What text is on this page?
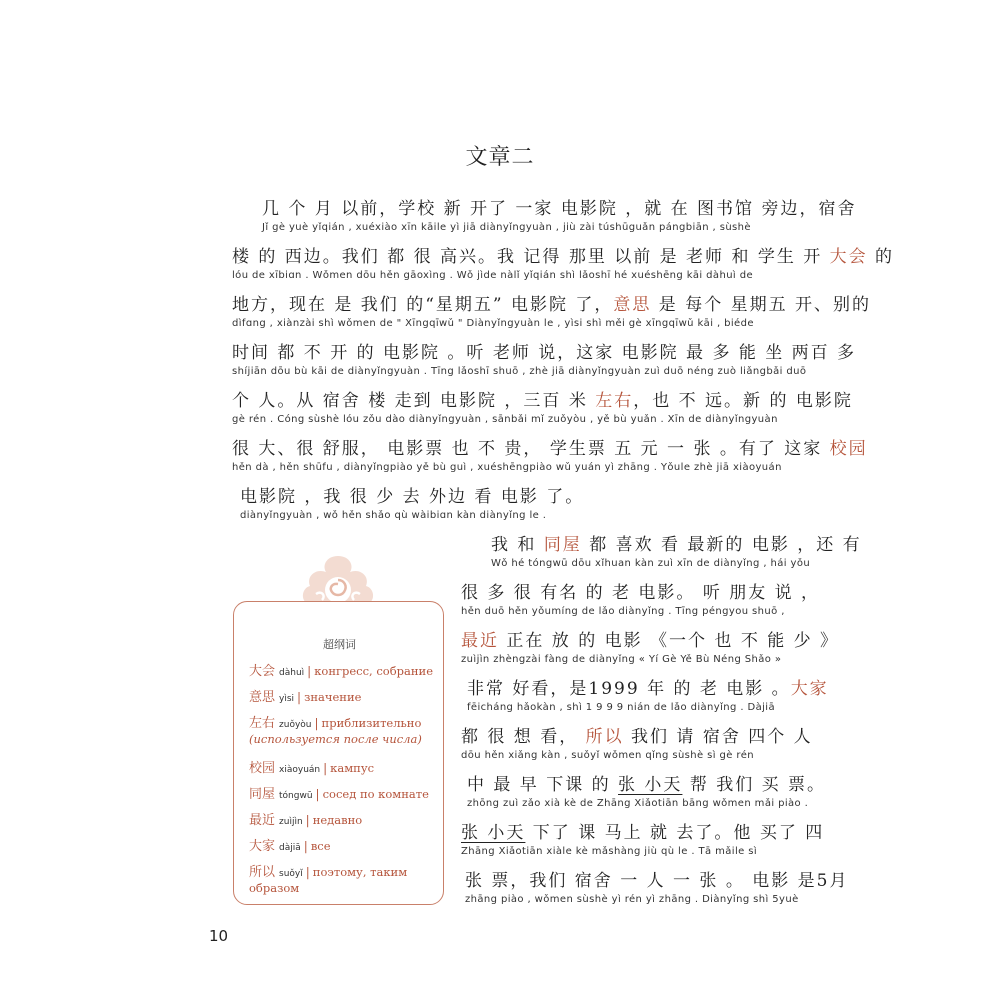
文章二
几 个 月 以前，学校 新 开了 一家 电影院 ，就 在 图书馆 旁边，宿舍
Jǐ gè yuè yǐqián , xuéxiào xīn kāile yì jiā diànyǐngyuàn , jiù zài túshūguǎn pángbiān , sùshè
楼 的 西边。我们 都 很 高兴。我 记得 那里 以前 是 老师 和 学生 开 大会 的
lóu de xībiɑn . Wǒmen dōu hěn gāoxìng . Wǒ jìde nàlǐ yǐqián shì lǎoshī hé xuéshēng kāi dàhuì de
地方，现在 是 我们 的“星期五” 电影院 了，意思 是 每个 星期五 开、别的
dìfɑng , xiànzài shì wǒmen de " Xīngqīwǔ " Diànyǐngyuàn le , yìsi shì měi gè xīngqīwǔ kāi , biéde
时间 都 不 开 的 电影院 。听 老师 说，这家 电影院 最 多 能 坐 两百 多
shíjiān dōu bù kāi de diànyǐngyuàn . Tīng lǎoshī shuō , zhè jiā diànyǐngyuàn zuì duō néng zuò liǎngbǎi duō
个 人。从 宿舍 楼 走到 电影院 ，三百 米 左右，也 不 远。新 的 电影院
gè rén . Cóng sùshè lóu zǒu dào diànyǐngyuàn , sānbǎi mǐ zuǒyòu , yě bù yuǎn . Xīn de diànyǐngyuàn
很 大、很 舒服， 电影票 也 不 贵， 学生票 五 元 一 张 。有了 这家 校园
hěn dà , hěn shūfu , diànyǐngpiào yě bù guì , xuéshēngpiào wǔ yuán yì zhāng . Yǒule zhè jiā xiàoyuán
电影院 ，我 很 少 去 外边 看 电影 了。
diànyǐngyuàn , wǒ hěn shǎo qù wàibiɑn kàn diànyǐng le .
我 和 同屋 都 喜欢 看 最新的 电影 ，还 有
Wǒ hé tóngwū dōu xǐhuan kàn zuì xīn de diànyǐng , hái yǒu
很 多 很 有名 的 老 电影。 听 朋友 说 ，
hěn duō hěn yǒumíng de lǎo diànyǐng . Tīng péngyou shuō ,
最近 正在 放 的 电影 《一个 也 不 能 少 》
zuìjìn zhèngzài fàng de diànyǐng « Yí Gè Yě Bù Néng Shǎo »
非常 好看，是1999 年 的 老 电影 。大家
fēicháng hǎokàn , shì 1 9 9 9 nián de lǎo diànyǐng . Dàjiā
都 很 想 看， 所以 我们 请 宿舍 四个 人
dōu hěn xiǎng kàn , suǒyǐ wǒmen qǐng sùshè sì gè rén
中 最 早 下课 的 张 小天 帮 我们 买 票。
zhōng zuì zǎo xià kè de Zhāng Xiǎotiān bāng wǒmen mǎi piào .
张 小天 下了 课 马上 就 去了。他 买了 四
Zhāng Xiǎotiān xiàle kè mǎshàng jiù qù le . Tā mǎile sì
张 票，我们 宿舍 一 人 一 张 。 电影 是5月
zhāng piào , wǒmen sùshè yì rén yì zhāng . Diànyǐng shì 5yuè
超纲词
大会 dàhuì | конгресс, собрание
意思 yìsi | значение
左右 zuǒyòu | приблизительно
(используется после числа)
校园 xiàoyuán | кампус
同屋 tóngwū | сосед по комнате
最近 zuìjìn | недавно
大家 dàjiā | все
所以 suǒyǐ | поэтому, таким
образом
10
